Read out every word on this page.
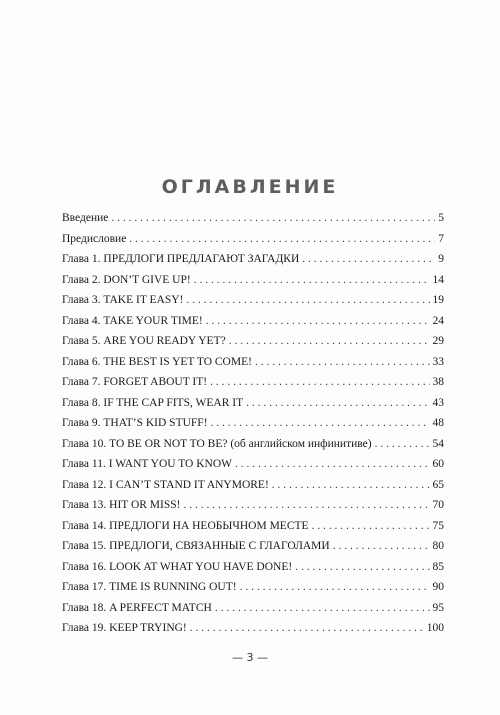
ОГЛАВЛЕНИЕ
Введение . . .	5
Предисловие . . .	7
Глава 1. ПРЕДЛОГИ ПРЕДЛАГАЮТ ЗАГАДКИ . . .	9
Глава 2. DON’T GIVE UP! . . .	14
Глава 3. TAKE IT EASY! . . .	19
Глава 4. TAKE YOUR TIME! . . .	24
Глава 5. ARE YOU READY YET? . . .	29
Глава 6. THE BEST IS YET TO COME! . . .	33
Глава 7. FORGET ABOUT IT! . . .	38
Глава 8. IF THE CAP FITS, WEAR IT . . .	43
Глава 9. THAT’S KID STUFF! . . .	48
Глава 10. TO BE OR NOT TO BE? (об английском инфинитиве) . . .	54
Глава 11. I WANT YOU TO KNOW . . .	60
Глава 12. I CAN’T STAND IT ANYMORE! . . .	65
Глава 13. HIT OR MISS! . . .	70
Глава 14. ПРЕДЛОГИ НА НЕОБЫЧНОМ МЕСТЕ . . .	75
Глава 15. ПРЕДЛОГИ, СВЯЗАННЫЕ С ГЛАГОЛАМИ . . .	80
Глава 16. LOOK AT WHAT YOU HAVE DONE! . . .	85
Глава 17. TIME IS RUNNING OUT! . . .	90
Глава 18. A PERFECT MATCH . . .	95
Глава 19. KEEP TRYING! . . .	100
— 3 —
